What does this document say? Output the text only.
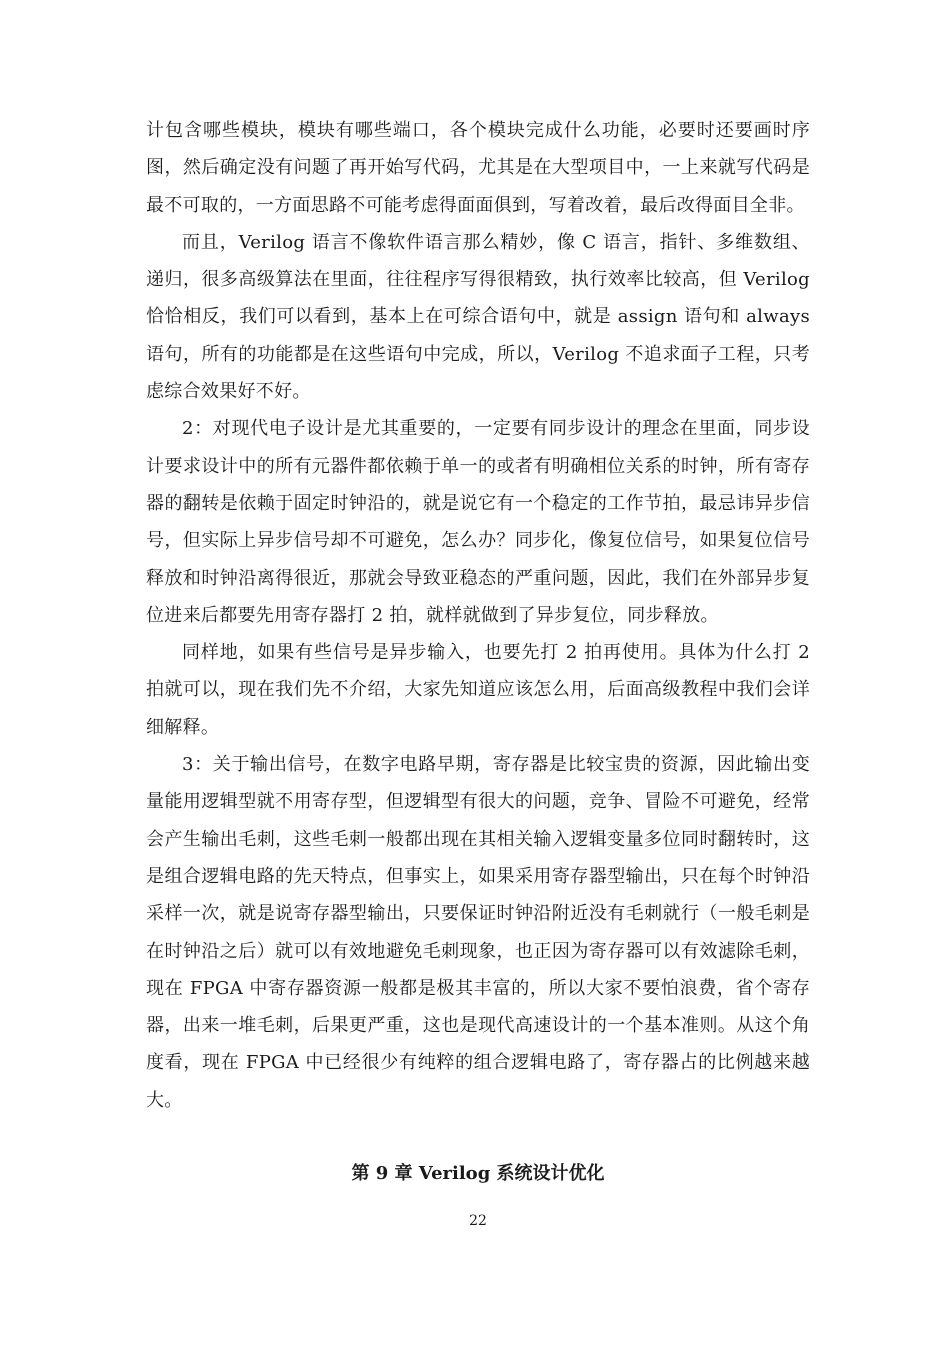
计包含哪些模块，模块有哪些端口，各个模块完成什么功能，必要时还要画时序图，然后确定没有问题了再开始写代码，尤其是在大型项目中，一上来就写代码是最不可取的，一方面思路不可能考虑得面面俱到，写着改着，最后改得面目全非。

而且，Verilog 语言不像软件语言那么精妙，像 C 语言，指针、多维数组、递归，很多高级算法在里面，往往程序写得很精致，执行效率比较高，但 Verilog 恰恰相反，我们可以看到，基本上在可综合语句中，就是 assign 语句和 always 语句，所有的功能都是在这些语句中完成，所以，Verilog 不追求面子工程，只考虑综合效果好不好。

2：对现代电子设计是尤其重要的，一定要有同步设计的理念在里面，同步设计要求设计中的所有元器件都依赖于单一的或者有明确相位关系的时钟，所有寄存器的翻转是依赖于固定时钟沿的，就是说它有一个稳定的工作节拍，最忌讳异步信号，但实际上异步信号却不可避免，怎么办？同步化，像复位信号，如果复位信号释放和时钟沿离得很近，那就会导致亚稳态的严重问题，因此，我们在外部异步复位进来后都要先用寄存器打 2 拍，就样就做到了异步复位，同步释放。

同样地，如果有些信号是异步输入，也要先打 2 拍再使用。具体为什么打 2 拍就可以，现在我们先不介绍，大家先知道应该怎么用，后面高级教程中我们会详细解释。

3：关于输出信号，在数字电路早期，寄存器是比较宝贵的资源，因此输出变量能用逻辑型就不用寄存型，但逻辑型有很大的问题，竞争、冒险不可避免，经常会产生输出毛刺，这些毛刺一般都出现在其相关输入逻辑变量多位同时翻转时，这是组合逻辑电路的先天特点，但事实上，如果采用寄存器型输出，只在每个时钟沿采样一次，就是说寄存器型输出，只要保证时钟沿附近没有毛刺就行（一般毛刺是在时钟沿之后）就可以有效地避免毛刺现象，也正因为寄存器可以有效滤除毛刺，现在 FPGA 中寄存器资源一般都是极其丰富的，所以大家不要怕浪费，省个寄存器，出来一堆毛刺，后果更严重，这也是现代高速设计的一个基本准则。从这个角度看，现在 FPGA 中已经很少有纯粹的组合逻辑电路了，寄存器占的比例越来越大。

第 9 章 Verilog 系统设计优化
22
